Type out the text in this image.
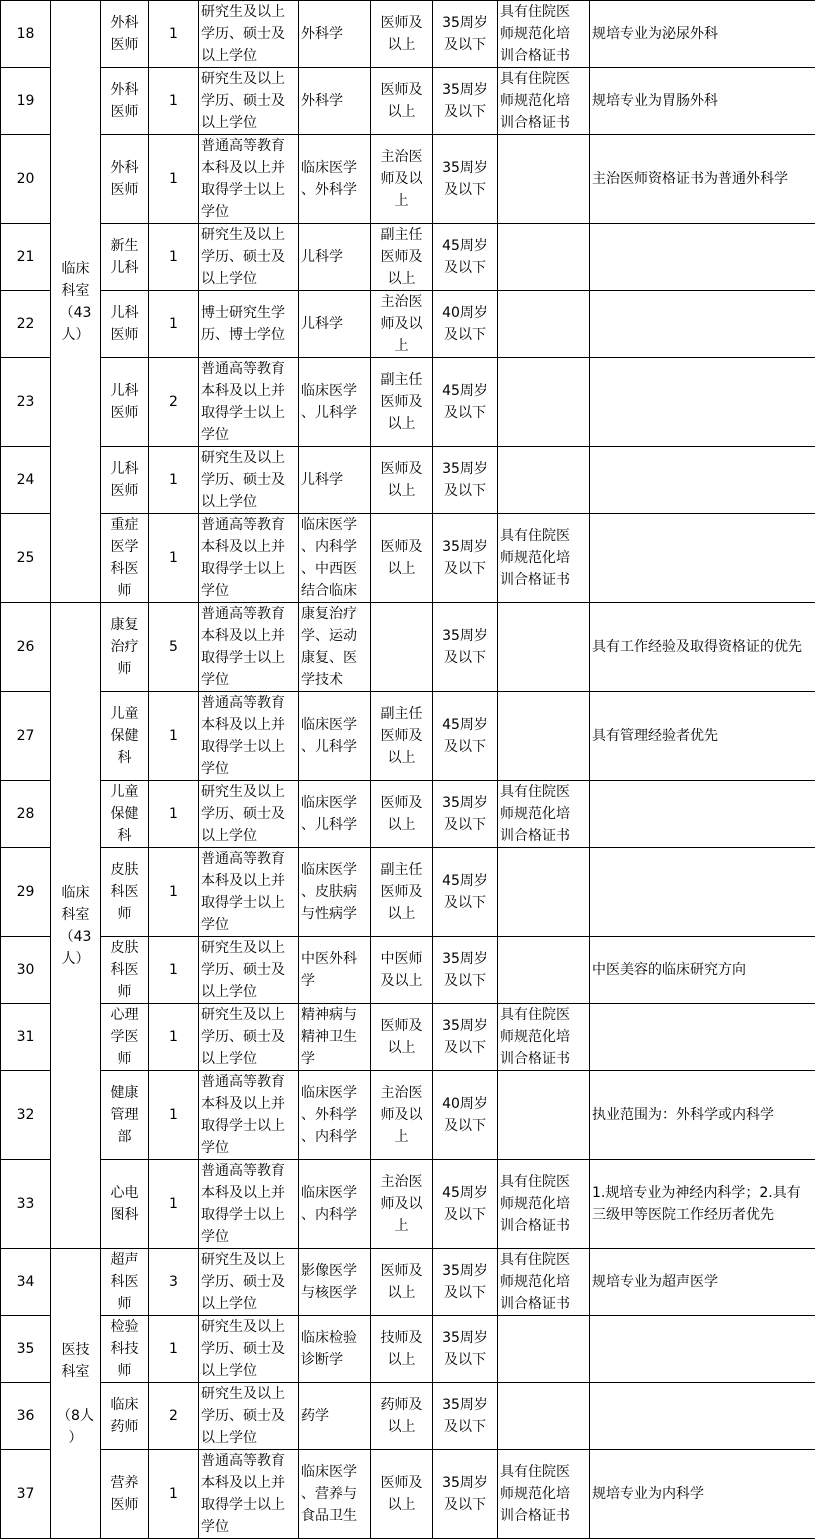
18	临床
科室
（43
人）	外科
医师	1	研究生及以上
学历、硕士及
以上学位	外科学	医师及
以上	35周岁
及以下	具有住院医
师规范化培
训合格证书	规培专业为泌尿外科
19		外科
医师	1	研究生及以上
学历、硕士及
以上学位	外科学	医师及
以上	35周岁
及以下	具有住院医
师规范化培
训合格证书	规培专业为胃肠外科
20		外科
医师	1	普通高等教育
本科及以上并
取得学士以上
学位	临床医学
、外科学	主治医
师及以
上	35周岁
及以下		主治医师资格证书为普通外科学
21		新生
儿科	1	研究生及以上
学历、硕士及
以上学位	儿科学	副主任
医师及
以上	45周岁
及以下		
22		儿科
医师	1	博士研究生学
历、博士学位	儿科学	主治医
师及以
上	40周岁
及以下		
23		儿科
医师	2	普通高等教育
本科及以上并
取得学士以上
学位	临床医学
、儿科学	副主任
医师及
以上	45周岁
及以下		
24		儿科
医师	1	研究生及以上
学历、硕士及
以上学位	儿科学	医师及
以上	35周岁
及以下		
25		重症
医学
科医
师	1	普通高等教育
本科及以上并
取得学士以上
学位	临床医学
、内科学
、中西医
结合临床	医师及
以上	35周岁
及以下	具有住院医
师规范化培
训合格证书	
26	临床
科室
（43
人）	康复
治疗
师	5	普通高等教育
本科及以上并
取得学士以上
学位	康复治疗
学、运动
康复、医
学技术		35周岁
及以下		具有工作经验及取得资格证的优先
27		儿童
保健
科	1	普通高等教育
本科及以上并
取得学士以上
学位	临床医学
、儿科学	副主任
医师及
以上	45周岁
及以下		具有管理经验者优先
28		儿童
保健
科	1	研究生及以上
学历、硕士及
以上学位	临床医学
、儿科学	医师及
以上	35周岁
及以下	具有住院医
师规范化培
训合格证书	
29		皮肤
科医
师	1	普通高等教育
本科及以上并
取得学士以上
学位	临床医学
、皮肤病
与性病学	副主任
医师及
以上	45周岁
及以下		
30		皮肤
科医
师	1	研究生及以上
学历、硕士及
以上学位	中医外科
学	中医师
及以上	35周岁
及以下		中医美容的临床研究方向
31		心理
学医
师	1	研究生及以上
学历、硕士及
以上学位	精神病与
精神卫生
学	医师及
以上	35周岁
及以下	具有住院医
师规范化培
训合格证书	
32		健康
管理
部	1	普通高等教育
本科及以上并
取得学士以上
学位	临床医学
、外科学
、内科学	主治医
师及以
上	40周岁
及以下		执业范围为：外科学或内科学
33		心电
图科	1	普通高等教育
本科及以上并
取得学士以上
学位	临床医学
、内科学	主治医
师及以
上	45周岁
及以下	具有住院医
师规范化培
训合格证书	1.规培专业为神经内科学；2.具有
三级甲等医院工作经历者优先
34	医技
科室

（8人
）	超声
科医
师	3	研究生及以上
学历、硕士及
以上学位	影像医学
与核医学	医师及
以上	35周岁
及以下	具有住院医
师规范化培
训合格证书	规培专业为超声医学
35		检验
科技
师	1	研究生及以上
学历、硕士及
以上学位	临床检验
诊断学	技师及
以上	35周岁
及以下		
36		临床
药师	2	研究生及以上
学历、硕士及
以上学位	药学	药师及
以上	35周岁
及以下		
37		营养
医师	1	普通高等教育
本科及以上并
取得学士以上
学位	临床医学
、营养与
食品卫生	医师及
以上	35周岁
及以下	具有住院医
师规范化培
训合格证书	规培专业为内科学
